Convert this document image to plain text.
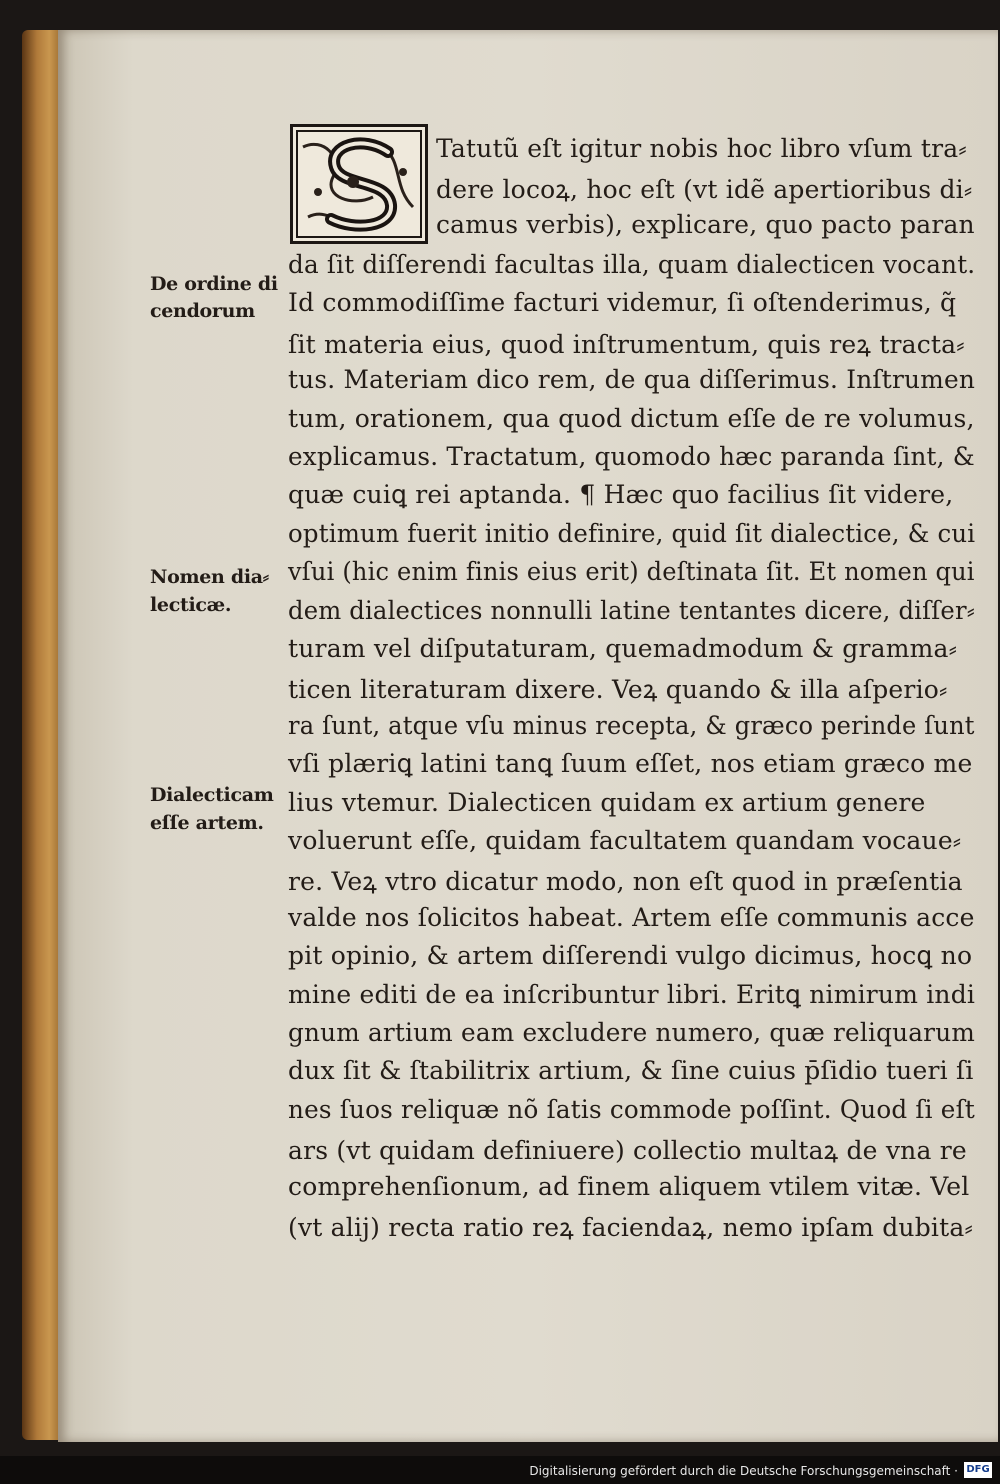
Tatutũ eſt igitur nobis hoc libro vſum tra⸗
dere locoꝝ, hoc eſt (vt idẽ apertioribus di⸗
camus verbis), explicare, quo pacto paran
da ſit diſſerendi facultas illa, quam dialecticen vocant.
Id commodiſſime facturi videmur, ſi oſtenderimus, q̃
ſit materia eius, quod inſtrumentum, quis reꝝ tracta⸗
tus. Materiam dico rem, de qua diſſerimus. Inſtrumen
tum, orationem, qua quod dictum eſſe de re volumus,
explicamus. Tractatum, quomodo hæc paranda ſint, &
quæ cuiꝗ rei aptanda. ¶ Hæc quo facilius ſit videre,
optimum fuerit initio definire, quid ſit dialectice, & cui
vſui (hic enim finis eius erit) deſtinata ſit. Et nomen qui
dem dialectices nonnulli latine tentantes dicere, diſſer⸗
turam vel diſputaturam, quemadmodum & gramma⸗
ticen literaturam dixere. Veꝝ quando & illa aſperio⸗
ra ſunt, atque vſu minus recepta, & græco perinde ſunt
vſi plæriꝗ latini tanꝗ ſuum eſſet, nos etiam græco me
lius vtemur. Dialecticen quidam ex artium genere
voluerunt eſſe, quidam facultatem quandam vocaue⸗
re. Veꝝ vtro dicatur modo, non eſt quod in præſentia
valde nos ſolicitos habeat. Artem eſſe communis acce
pit opinio, & artem diſſerendi vulgo dicimus, hocꝗ no
mine editi de ea inſcribuntur libri. Eritꝗ nimirum indi
gnum artium eam excludere numero, quæ reliquarum
dux ſit & ſtabilitrix artium, & ſine cuius p̄ſidio tueri ſi
nes ſuos reliquæ nõ ſatis commode poſſint. Quod ſi eſt
ars (vt quidam definiuere) collectio multaꝝ de vna re
comprehenſionum, ad finem aliquem vtilem vitæ. Vel
(vt alij) recta ratio reꝝ faciendaꝝ, nemo ipſam dubita⸗
De ordine di
cendorum
Nomen dia⸗
lecticæ.
Dialecticam
eſſe artem.
Digitalisierung gefördert durch die Deutsche Forschungsgemeinschaft · DFG
